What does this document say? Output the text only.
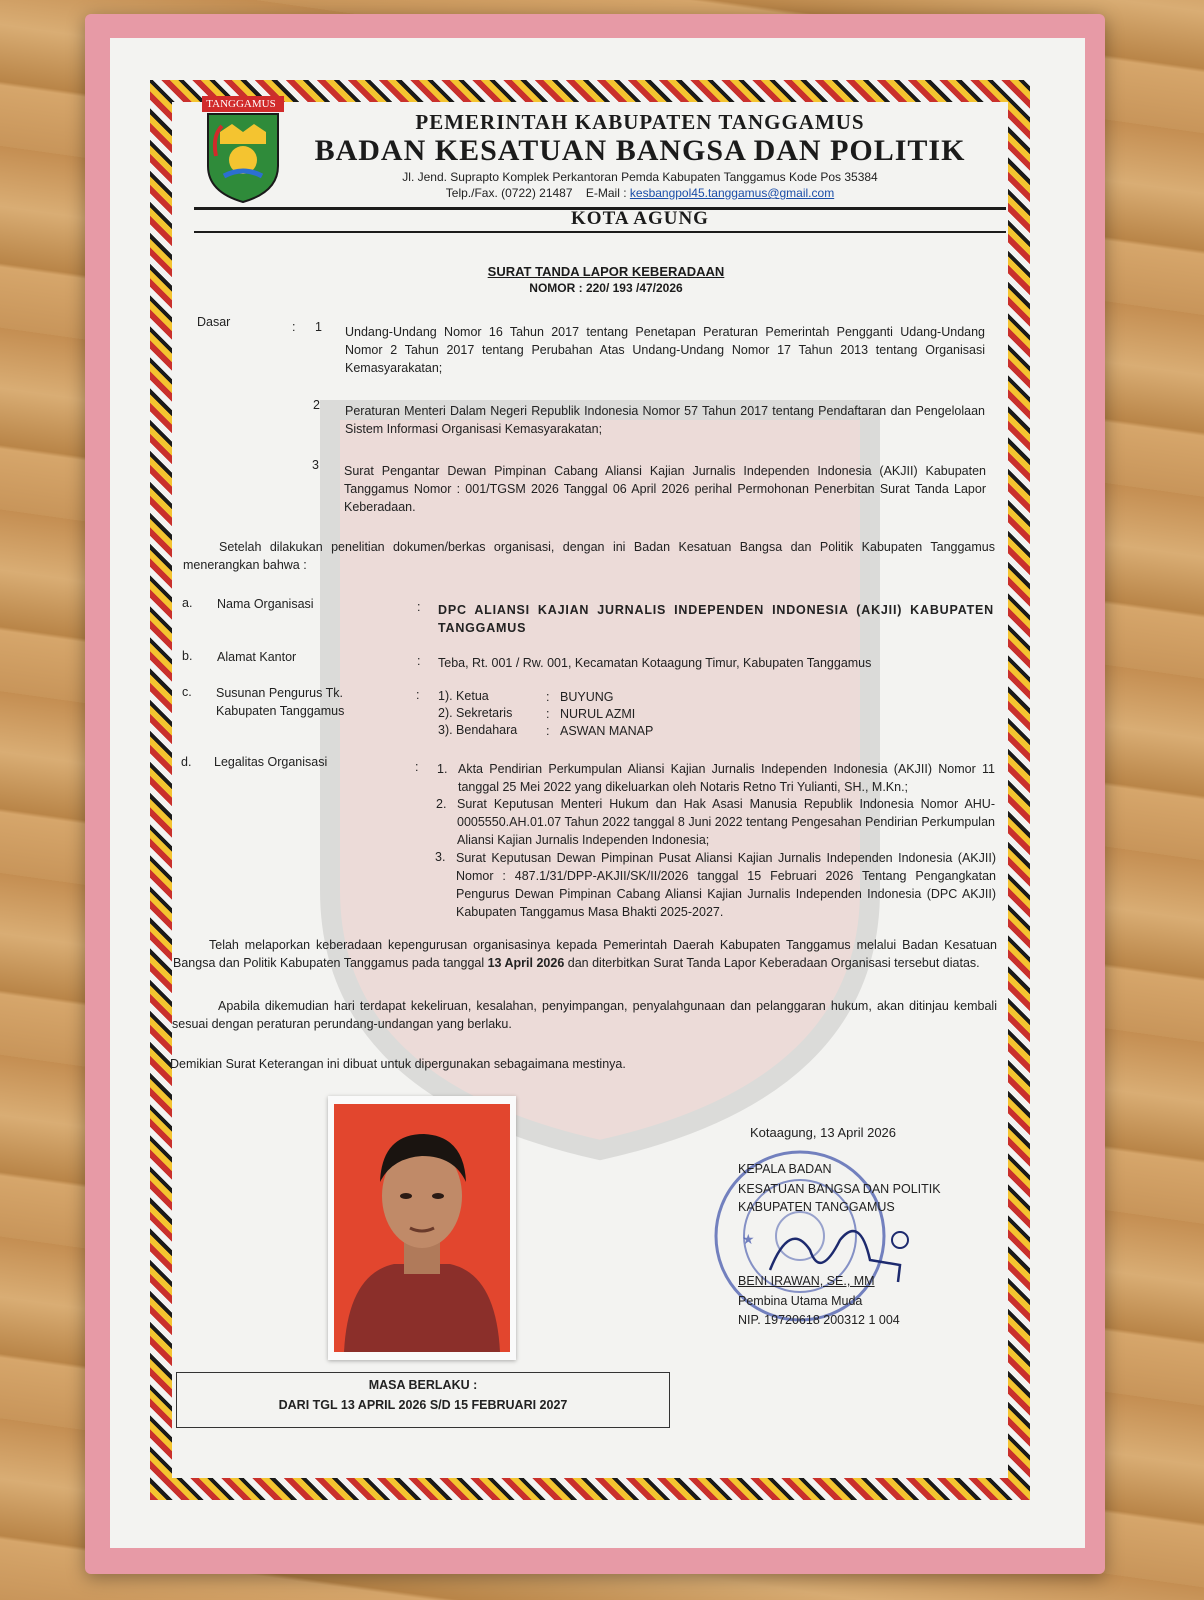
TANGGAMUS
PEMERINTAH KABUPATEN TANGGAMUS
BADAN KESATUAN BANGSA DAN POLITIK
Jl. Jend. Suprapto Komplek Perkantoran Pemda Kabupaten Tanggamus Kode Pos 35384
Telp./Fax. (0722) 21487 E-Mail : kesbangpol45.tanggamus@gmail.com
KOTA AGUNG
SURAT TANDA LAPOR KEBERADAAN
NOMOR : 220/ 193 /47/2026
Dasar	: 1 Undang-Undang Nomor 16 Tahun 2017 tentang Penetapan Peraturan Pemerintah Pengganti Udang-Undang Nomor 2 Tahun 2017 tentang Perubahan Atas Undang-Undang Nomor 17 Tahun 2013 tentang Organisasi Kemasyarakatan;
2 Peraturan Menteri Dalam Negeri Republik Indonesia Nomor 57 Tahun 2017 tentang Pendaftaran dan Pengelolaan Sistem Informasi Organisasi Kemasyarakatan;
3 Surat Pengantar Dewan Pimpinan Cabang Aliansi Kajian Jurnalis Independen Indonesia (AKJII) Kabupaten Tanggamus Nomor : 001/TGSM 2026 Tanggal 06 April 2026 perihal Permohonan Penerbitan Surat Tanda Lapor Keberadaan.
Setelah dilakukan penelitian dokumen/berkas organisasi, dengan ini Badan Kesatuan Bangsa dan Politik Kabupaten Tanggamus menerangkan bahwa :
a. Nama Organisasi	: DPC ALIANSI KAJIAN JURNALIS INDEPENDEN INDONESIA (AKJII) KABUPATEN TANGGAMUS
b. Alamat Kantor	: Teba, Rt. 001 / Rw. 001, Kecamatan Kotaagung Timur, Kabupaten Tanggamus
c. Susunan Pengurus Tk. Kabupaten Tanggamus
: 1). Ketua	: BUYUNG
2). Sekretaris	: NURUL AZMI
3). Bendahara : ASWAN MANAP
d. Legalitas Organisasi	: 1. Akta Pendirian Perkumpulan Aliansi Kajian Jurnalis Independen Indonesia (AKJII) Nomor 11 tanggal 25 Mei 2022 yang dikeluarkan oleh Notaris Retno Tri Yulianti, SH., M.Kn.;
2. Surat Keputusan Menteri Hukum dan Hak Asasi Manusia Republik Indonesia Nomor AHU-0005550.AH.01.07 Tahun 2022 tanggal 8 Juni 2022 tentang Pengesahan Pendirian Perkumpulan Aliansi Kajian Jurnalis Independen Indonesia;
3. Surat Keputusan Dewan Pimpinan Pusat Aliansi Kajian Jurnalis Independen Indonesia (AKJII) Nomor : 487.1/31/DPP-AKJII/SK/II/2026 tanggal 15 Februari 2026 Tentang Pengangkatan Pengurus Dewan Pimpinan Cabang Aliansi Kajian Jurnalis Independen Indonesia (DPC AKJII) Kabupaten Tanggamus Masa Bhakti 2025-2027.
Telah melaporkan keberadaan kepengurusan organisasinya kepada Pemerintah Daerah Kabupaten Tanggamus melalui Badan Kesatuan Bangsa dan Politik Kabupaten Tanggamus pada tanggal 13 April 2026 dan diterbitkan Surat Tanda Lapor Keberadaan Organisasi tersebut diatas.
Apabila dikemudian hari terdapat kekeliruan, kesalahan, penyimpangan, penyalahgunaan dan pelanggaran hukum, akan ditinjau kembali sesuai dengan peraturan perundang-undangan yang berlaku.
Demikian Surat Keterangan ini dibuat untuk dipergunakan sebagaimana mestinya.
Kotaagung, 13 April 2026
★
KEPALA BADAN
KESATUAN BANGSA DAN POLITIK
KABUPATEN TANGGAMUS
BENI IRAWAN, SE., MM
Pembina Utama Muda
NIP. 19720618 200312 1 004
MASA BERLAKU :
DARI TGL 13 APRIL 2026 S/D 15 FEBRUARI 2027
